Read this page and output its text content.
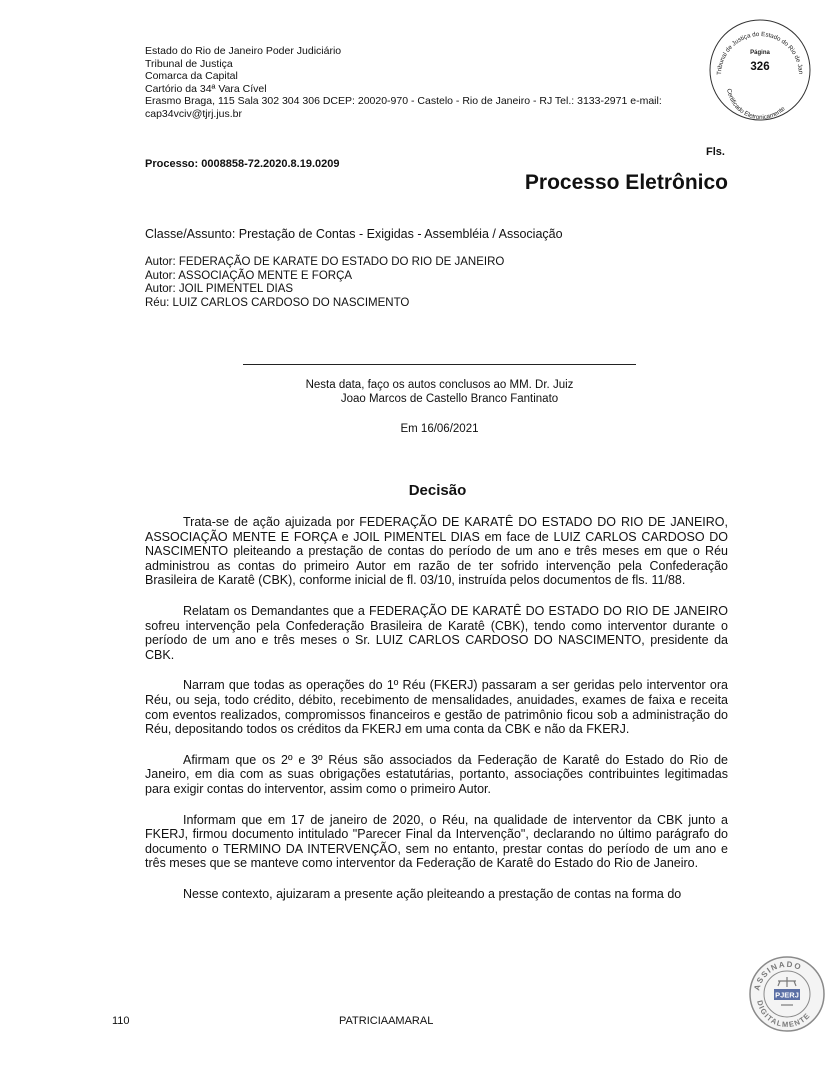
Estado do Rio de Janeiro Poder Judiciário
Tribunal de Justiça
Comarca da Capital
Cartório da 34ª Vara Cível
Erasmo Braga, 115 Sala 302 304 306 DCEP: 20020-970 - Castelo - Rio de Janeiro - RJ Tel.: 3133-2971 e-mail:
cap34vciv@tjrj.jus.br
Tribunal de Justiça do Estado do Rio de Jan
Página
326
Certificado Eletronicamente
Fls.
Processo: 0008858-72.2020.8.19.0209
Processo Eletrônico
Classe/Assunto: Prestação de Contas - Exigidas - Assembléia / Associação
Autor: FEDERAÇÃO DE KARATE DO ESTADO DO RIO DE JANEIRO
Autor: ASSOCIAÇÃO MENTE E FORÇA
Autor: JOIL PIMENTEL DIAS
Réu: LUIZ CARLOS CARDOSO DO NASCIMENTO
Nesta data, faço os autos conclusos ao MM. Dr. Juiz
Joao Marcos de Castello Branco Fantinato
Em 16/06/2021
Decisão

Trata-se de ação ajuizada por FEDERAÇÃO DE KARATÊ DO ESTADO DO RIO DE JANEIRO, ASSOCIAÇÃO MENTE E FORÇA e JOIL PIMENTEL DIAS em face de LUIZ CARLOS CARDOSO DO NASCIMENTO pleiteando a prestação de contas do período de um ano e três meses em que o Réu administrou as contas do primeiro Autor em razão de ter sofrido intervenção pela Confederação Brasileira de Karatê (CBK), conforme inicial de fl. 03/10, instruída pelos documentos de fls. 11/88.

Relatam os Demandantes que a FEDERAÇÃO DE KARATÊ DO ESTADO DO RIO DE JANEIRO sofreu intervenção pela Confederação Brasileira de Karatê (CBK), tendo como interventor durante o período de um ano e três meses o Sr. LUIZ CARLOS CARDOSO DO NASCIMENTO, presidente da CBK.

Narram que todas as operações do 1º Réu (FKERJ) passaram a ser geridas pelo interventor ora Réu, ou seja, todo crédito, débito, recebimento de mensalidades, anuidades, exames de faixa e receita com eventos realizados, compromissos financeiros e gestão de patrimônio ficou sob a administração do Réu, depositando todos os créditos da FKERJ em uma conta da CBK e não da FKERJ.

Afirmam que os 2º e 3º Réus são associados da Federação de Karatê do Estado do Rio de Janeiro, em dia com as suas obrigações estatutárias, portanto, associações contribuintes legitimadas para exigir contas do interventor, assim como o primeiro Autor.

Informam que em 17 de janeiro de 2020, o Réu, na qualidade de interventor da CBK junto a FKERJ, firmou documento intitulado "Parecer Final da Intervenção", declarando no último parágrafo do documento o TERMINO DA INTERVENÇÃO, sem no entanto, prestar contas do período de um ano e três meses que se manteve como interventor da Federação de Karatê do Estado do Rio de Janeiro.

Nesse contexto, ajuizaram a presente ação pleiteando a prestação de contas na forma do

110	PATRICIAAMARAL
ASSINADO
DIGITALMENTE
PJERJ
